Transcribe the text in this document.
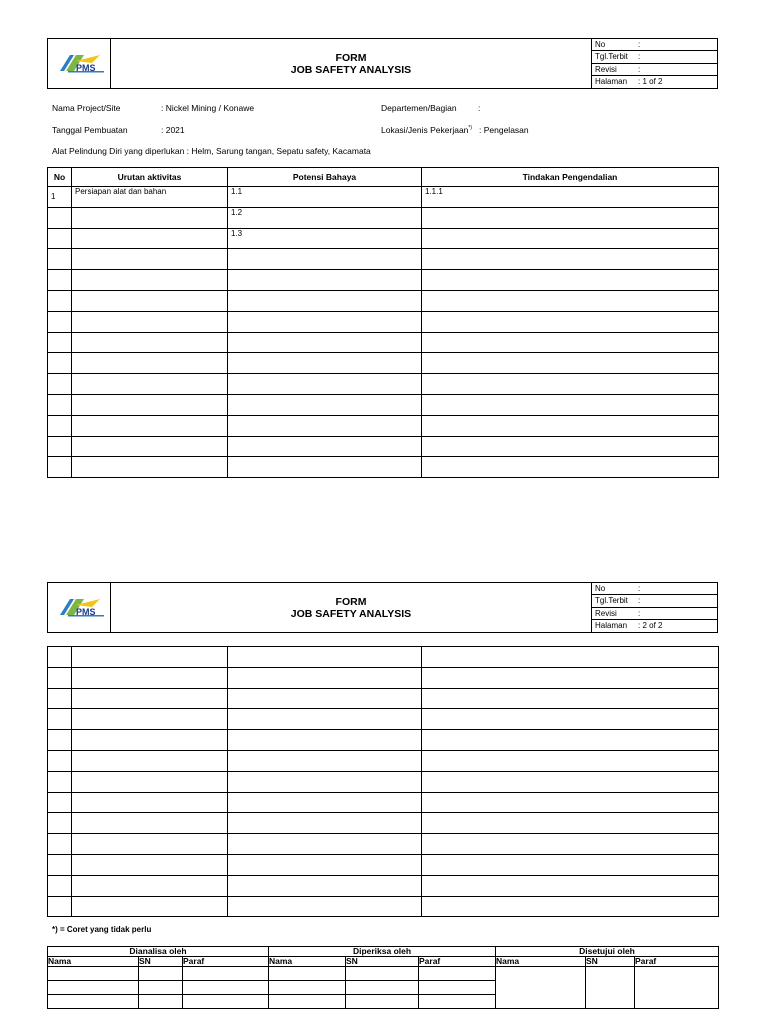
PMS
FORM
JOB SAFETY ANALYSIS
No	:
Tgl.Terbit :
Revisi	:
Halaman : 1 of 2
Nama Project/Site	: Nickel Mining / Konawe	Departemen/Bagian	:
Tanggal Pembuatan	: 2021	Lokasi/Jenis Pekerjaan*) : Pengelasan
Alat Pelindung Diri yang diperlukan : Helm, Sarung tangan, Sepatu safety, Kacamata
No	Urutan aktivitas	Potensi Bahaya	Tindakan Pengendalian
1	Persiapan alat dan bahan	1.1	1.1.1
		1.2	
		1.3	

PMS
FORM
JOB SAFETY ANALYSIS
No	:
Tgl.Terbit :
Revisi	:
Halaman : 2 of 2

*) = Coret yang tidak perlu
Dianalisa oleh			Diperiksa oleh			Disetujui oleh		
Nama	SN	Paraf	Nama	SN	Paraf	Nama	SN	Paraf
